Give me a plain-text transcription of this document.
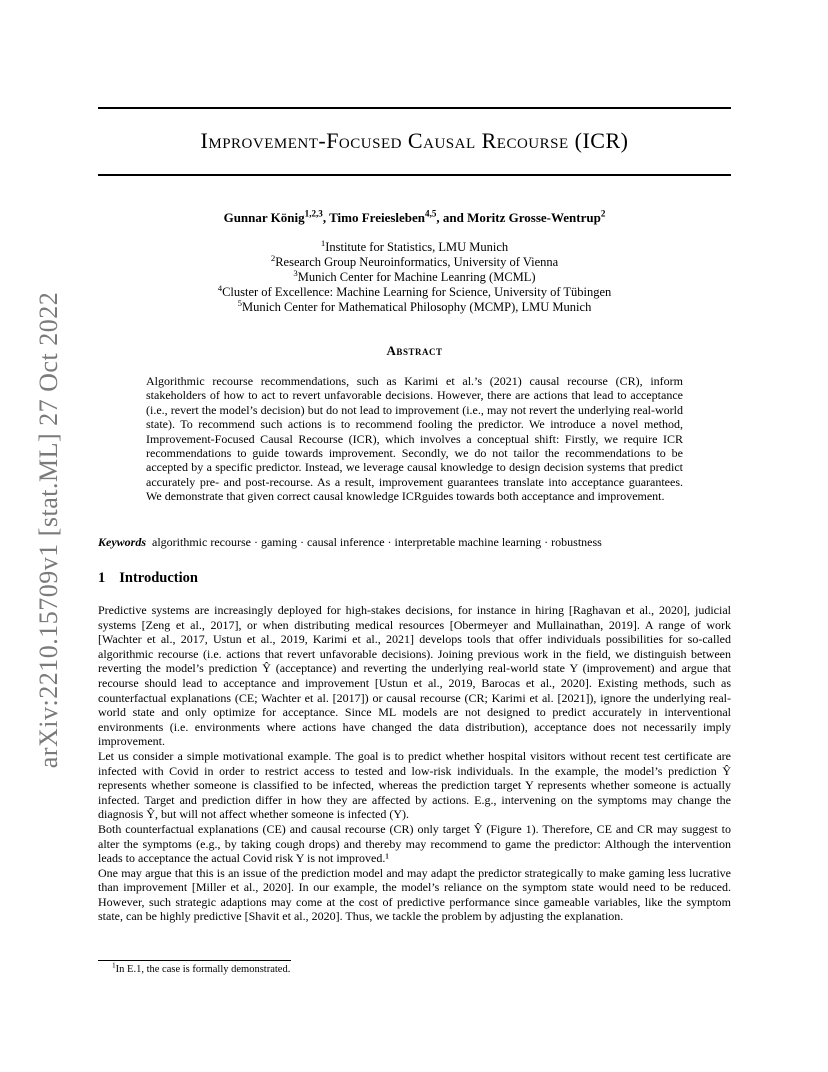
arXiv:2210.15709v1 [stat.ML] 27 Oct 2022
Improvement-Focused Causal Recourse (ICR)
Gunnar König$^{1,2,3}$, Timo Freiesleben$^{4,5}$, and Moritz Grosse-Wentrup$^2$
$^1$Institute for Statistics, LMU Munich
$^2$Research Group Neuroinformatics, University of Vienna
$^3$Munich Center for Machine Leanring (MCML)
$^4$Cluster of Excellence: Machine Learning for Science, University of Tübingen
$^5$Munich Center for Mathematical Philosophy (MCMP), LMU Munich
Abstract
Algorithmic recourse recommendations, such as Karimi et al.’s (2021) causal recourse (CR), inform stakeholders of how to act to revert unfavorable decisions. However, there are actions that lead to acceptance (i.e., revert the model’s decision) but do not lead to improvement (i.e., may not revert the underlying real-world state). To recommend such actions is to recommend fooling the predictor. We introduce a novel method, Improvement-Focused Causal Recourse (ICR), which involves a conceptual shift: Firstly, we require ICR recommendations to guide towards improvement. Secondly, we do not tailor the recommendations to be accepted by a specific predictor. Instead, we leverage causal knowledge to design decision systems that predict accurately pre- and post-recourse. As a result, improvement guarantees translate into acceptance guarantees. We demonstrate that given correct causal knowledge ICRguides towards both acceptance and improvement.
Keywords algorithmic recourse · gaming · causal inference · interpretable machine learning · robustness
1 Introduction

Predictive systems are increasingly deployed for high-stakes decisions, for instance in hiring [Raghavan et al., 2020], judicial systems [Zeng et al., 2017], or when distributing medical resources [Obermeyer and Mullainathan, 2019]. A range of work [Wachter et al., 2017, Ustun et al., 2019, Karimi et al., 2021] develops tools that offer individuals possibilities for so-called algorithmic recourse (i.e. actions that revert unfavorable decisions). Joining previous work in the field, we distinguish between reverting the model’s prediction Ŷ (acceptance) and reverting the underlying real-world state Y (improvement) and argue that recourse should lead to acceptance and improvement [Ustun et al., 2019, Barocas et al., 2020]. Existing methods, such as counterfactual explanations (CE; Wachter et al. [2017]) or causal recourse (CR; Karimi et al. [2021]), ignore the underlying real-world state and only optimize for acceptance. Since ML models are not designed to predict accurately in interventional environments (i.e. environments where actions have changed the data distribution), acceptance does not necessarily imply improvement.

Let us consider a simple motivational example. The goal is to predict whether hospital visitors without recent test certificate are infected with Covid in order to restrict access to tested and low-risk individuals. In the example, the model’s prediction Ŷ represents whether someone is classified to be infected, whereas the prediction target Y represents whether someone is actually infected. Target and prediction differ in how they are affected by actions. E.g., intervening on the symptoms may change the diagnosis Ŷ, but will not affect whether someone is infected (Y).

Both counterfactual explanations (CE) and causal recourse (CR) only target Ŷ (Figure 1). Therefore, CE and CR may suggest to alter the symptoms (e.g., by taking cough drops) and thereby may recommend to game the predictor: Although the intervention leads to acceptance the actual Covid risk Y is not improved.¹

One may argue that this is an issue of the prediction model and may adapt the predictor strategically to make gaming less lucrative than improvement [Miller et al., 2020]. In our example, the model’s reliance on the symptom state would need to be reduced. However, such strategic adaptions may come at the cost of predictive performance since gameable variables, like the symptom state, can be highly predictive [Shavit et al., 2020]. Thus, we tackle the problem by adjusting the explanation.

$^1$In E.1, the case is formally demonstrated.
